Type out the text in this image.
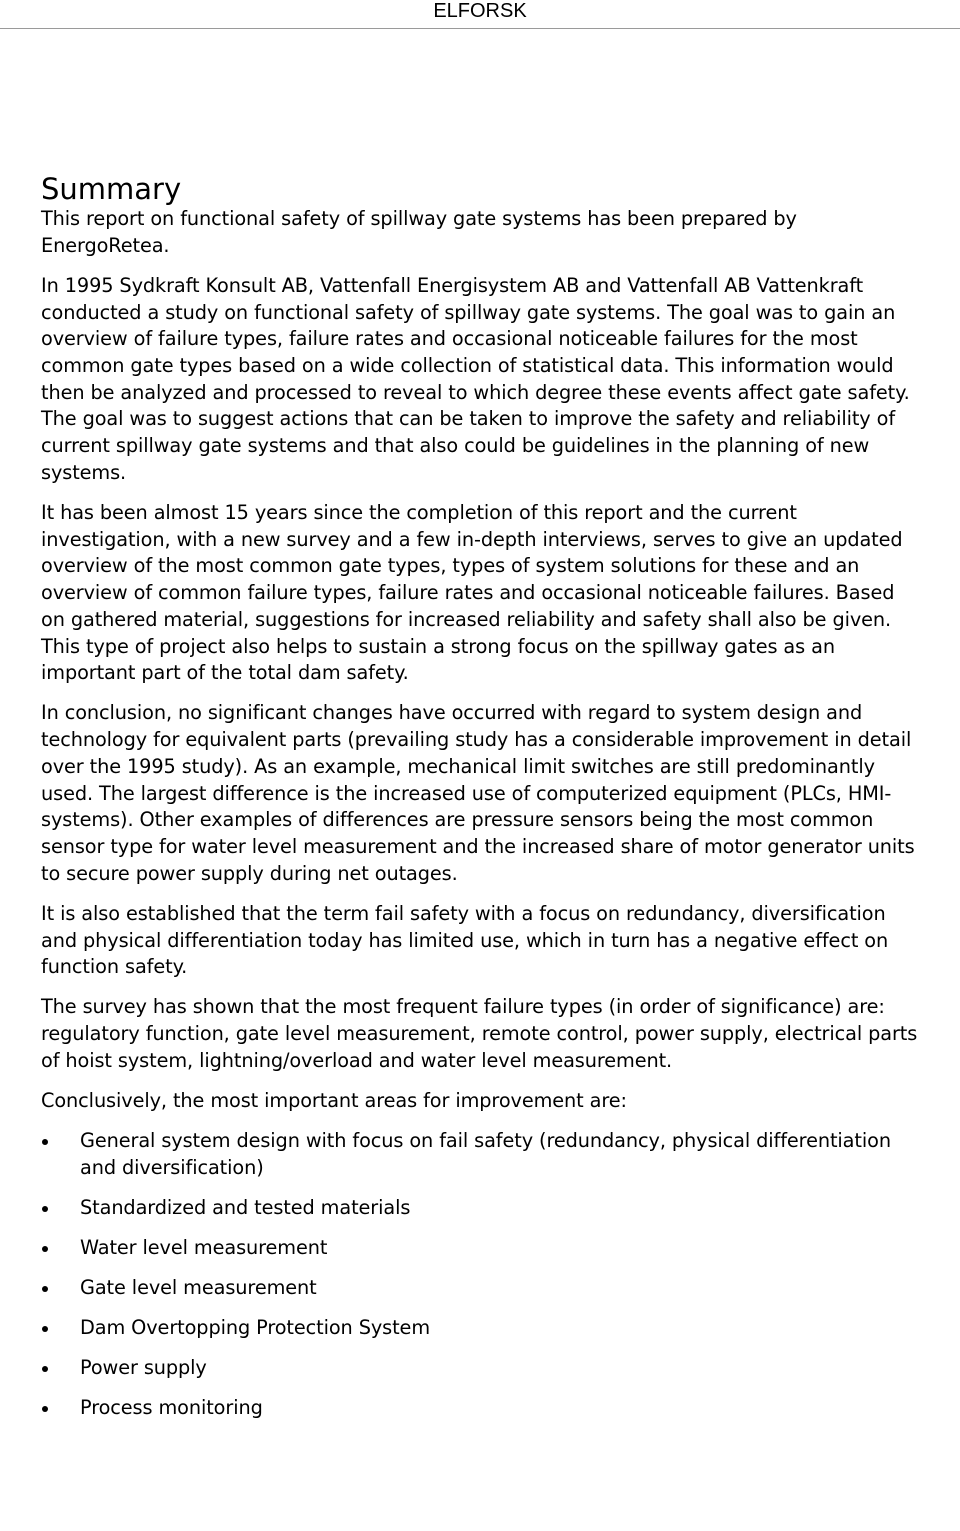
ELFORSK
Summary

This report on functional safety of spillway gate systems has been prepared by EnergoRetea.

In 1995 Sydkraft Konsult AB, Vattenfall Energisystem AB and Vattenfall AB Vattenkraft conducted a study on functional safety of spillway gate systems. The goal was to gain an overview of failure types, failure rates and occasional noticeable failures for the most common gate types based on a wide collection of statistical data. This information would then be analyzed and processed to reveal to which degree these events affect gate safety. The goal was to suggest actions that can be taken to improve the safety and reliability of current spillway gate systems and that also could be guidelines in the planning of new systems.

It has been almost 15 years since the completion of this report and the current investigation, with a new survey and a few in-depth interviews, serves to give an updated overview of the most common gate types, types of system solutions for these and an overview of common failure types, failure rates and occasional noticeable failures. Based on gathered material, suggestions for increased reliability and safety shall also be given. This type of project also helps to sustain a strong focus on the spillway gates as an important part of the total dam safety.

In conclusion, no significant changes have occurred with regard to system design and technology for equivalent parts (prevailing study has a considerable improvement in detail over the 1995 study). As an example, mechanical limit switches are still predominantly used. The largest difference is the increased use of computerized equipment (PLCs, HMI-systems). Other examples of differences are pressure sensors being the most common sensor type for water level measurement and the increased share of motor generator units to secure power supply during net outages.

It is also established that the term fail safety with a focus on redundancy, diversification and physical differentiation today has limited use, which in turn has a negative effect on function safety.

The survey has shown that the most frequent failure types (in order of significance) are: regulatory function, gate level measurement, remote control, power supply, electrical parts of hoist system, lightning/overload and water level measurement.

Conclusively, the most important areas for improvement are:

General system design with focus on fail safety (redundancy, physical differentiation and diversification)
Standardized and tested materials
Water level measurement
Gate level measurement
Dam Overtopping Protection System
Power supply
Process monitoring
